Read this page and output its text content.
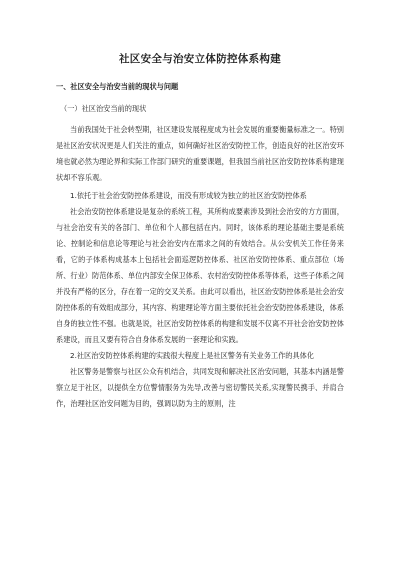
社区安全与治安立体防控体系构建
一、社区安全与治安当前的现状与问题
（一）社区治安当前的现状

当前我国处于社会转型期，社区建设发展程度成为社会发展的重要衡量标准之一。特别是社区治安状况更是人们关注的重点，如何确好社区治安防控工作，创造良好的社区治安环境也就必然为理论界和实际工作部门研究的重要课题，但我国当前社区治安防控体系构建现状却不容乐观。

1.依托于社会治安防控体系建设，而没有形成较为独立的社区治安防控体系

社会治安防控体系建设是复杂的系统工程，其所构成要素涉及到社会治安的方方面面，与社会治安有关的各部门、单位和个人都包括在内。同时，该体系的理论基础主要是系统论、控制论和信息论等理论与社会治安内在需求之间的有效结合。从公安机关工作任务来看，它的子体系构成基本上包括社会面巡逻防控体系、社区治安防控体系、重点部位（场所、行业）防范体系、单位内部安全保卫体系、农村治安防控体系等体系，这些子体系之间并没有严格的区分，存在着一定的交叉关系。由此可以看出，社区治安防控体系是社会治安防控体系的有效组成部分，其内容、构建理论等方面主要依托社会治安防控体系建设，体系自身的独立性不强。也就是说，社区治安防控体系的构建和发展不仅离不开社会治安防控体系建设，而且又要有符合自身体系发展的一套理论和实践。

2.社区治安防控体系构建的实践很大程度上是社区警务有关业务工作的具体化

社区警务是警察与社区公众有机结合，共同发现和解决社区治安问题，其基本内涵是警察立足于社区，以提供全方位警情服务为先导,改善与密切警民关系,实现警民携手、并肩合作，治理社区治安问题为目的，强调以防为主的原则，注
